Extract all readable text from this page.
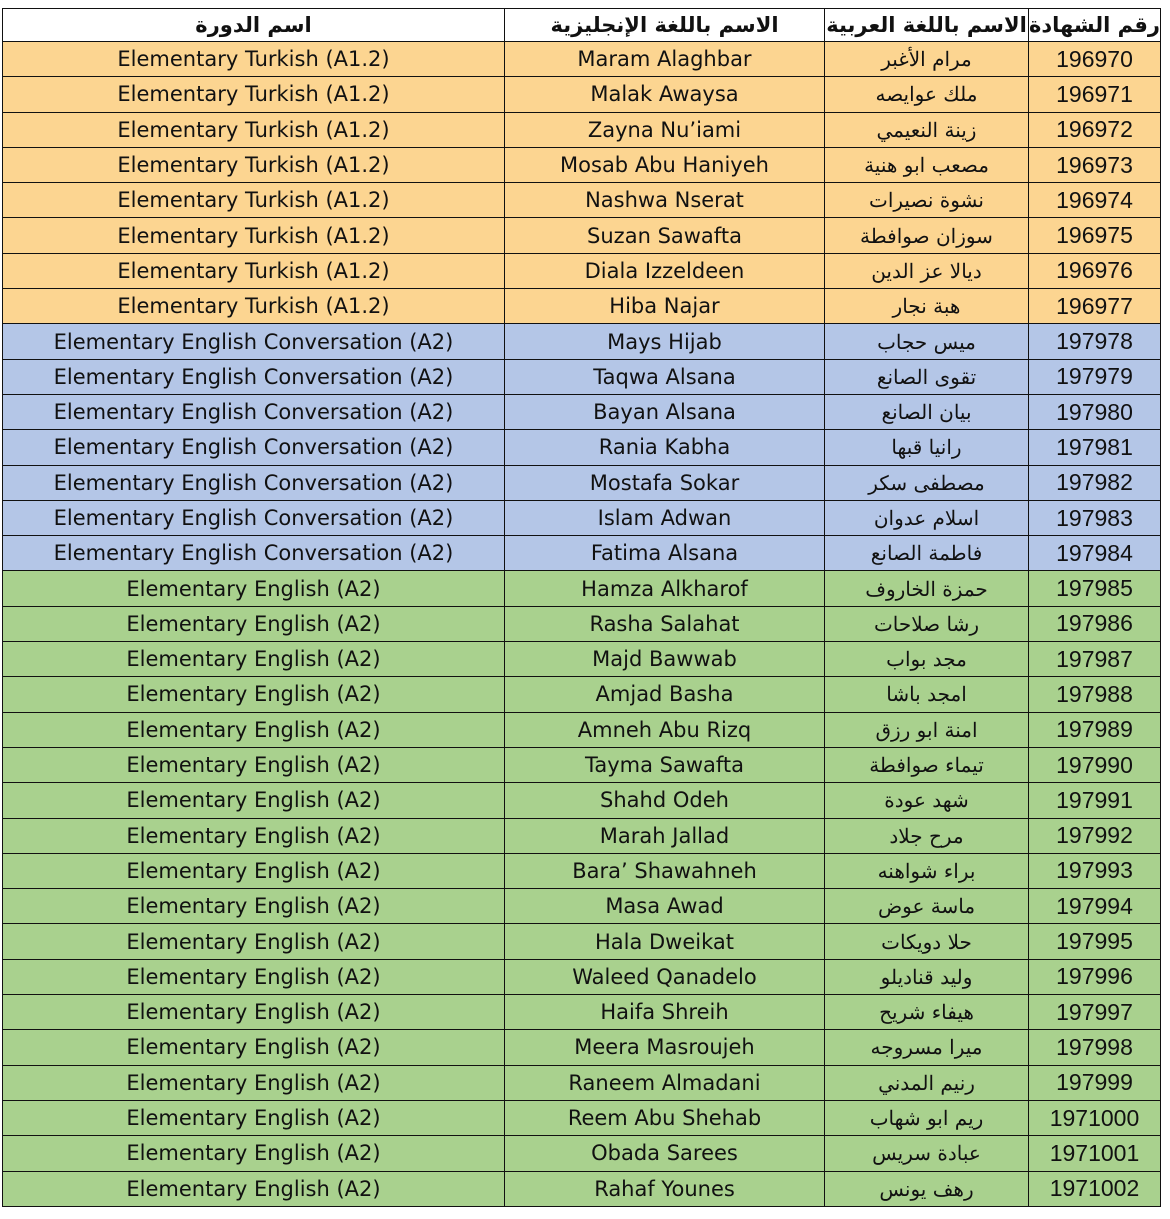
اسم الدورة	الاسم باللغة الإنجليزية	الاسم باللغة العربية	رقم الشهادة
Elementary Turkish (A1.2)	Maram Alaghbar	مرام الأغبر	196970
Elementary Turkish (A1.2)	Malak Awaysa	ملك عوايصه	196971
Elementary Turkish (A1.2)	Zayna Nu’iami	زينة النعيمي	196972
Elementary Turkish (A1.2)	Mosab Abu Haniyeh	مصعب ابو هنية	196973
Elementary Turkish (A1.2)	Nashwa Nserat	نشوة نصيرات	196974
Elementary Turkish (A1.2)	Suzan Sawafta	سوزان صوافطة	196975
Elementary Turkish (A1.2)	Diala Izzeldeen	ديالا عز الدين	196976
Elementary Turkish (A1.2)	Hiba Najar	هبة نجار	196977
Elementary English Conversation (A2)	Mays Hijab	ميس حجاب	197978
Elementary English Conversation (A2)	Taqwa Alsana	تقوى الصانع	197979
Elementary English Conversation (A2)	Bayan Alsana	بيان الصانع	197980
Elementary English Conversation (A2)	Rania Kabha	رانيا قبها	197981
Elementary English Conversation (A2)	Mostafa Sokar	مصطفى سكر	197982
Elementary English Conversation (A2)	Islam Adwan	اسلام عدوان	197983
Elementary English Conversation (A2)	Fatima Alsana	فاطمة الصانع	197984
Elementary English (A2)	Hamza Alkharof	حمزة الخاروف	197985
Elementary English (A2)	Rasha Salahat	رشا صلاحات	197986
Elementary English (A2)	Majd Bawwab	مجد بواب	197987
Elementary English (A2)	Amjad Basha	امجد باشا	197988
Elementary English (A2)	Amneh Abu Rizq	امنة ابو رزق	197989
Elementary English (A2)	Tayma Sawafta	تيماء صوافطة	197990
Elementary English (A2)	Shahd Odeh	شهد عودة	197991
Elementary English (A2)	Marah Jallad	مرح جلاد	197992
Elementary English (A2)	Bara’ Shawahneh	براء شواهنه	197993
Elementary English (A2)	Masa Awad	ماسة عوض	197994
Elementary English (A2)	Hala Dweikat	حلا دويكات	197995
Elementary English (A2)	Waleed Qanadelo	وليد قناديلو	197996
Elementary English (A2)	Haifa Shreih	هيفاء شريح	197997
Elementary English (A2)	Meera Masroujeh	ميرا مسروجه	197998
Elementary English (A2)	Raneem Almadani	رنيم المدني	197999
Elementary English (A2)	Reem Abu Shehab	ريم ابو شهاب	1971000
Elementary English (A2)	Obada Sarees	عبادة سريس	1971001
Elementary English (A2)	Rahaf Younes	رهف يونس	1971002
